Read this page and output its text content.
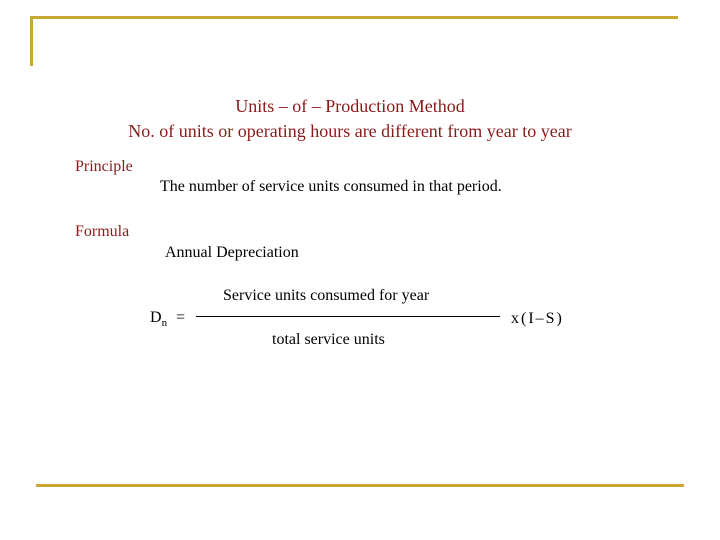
Units – of – Production Method
No. of units or operating hours are different from year to year
Principle
The number of service units consumed in that period.
Formula
Annual Depreciation
Service units consumed for year
total service units
$D_n$ =	x(I–S)
